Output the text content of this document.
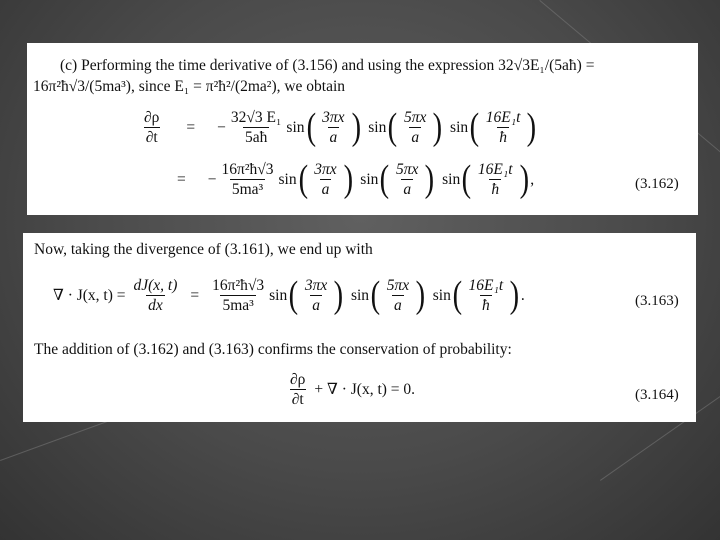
(c) Performing the time derivative of (3.156) and using the expression 32√3E₁/(5aħ) =
16π²ħ√3/(5ma³), since E₁ = π²ħ²/(2ma²), we obtain
$\frac{\partial\rho}{\partial t}$ = − $\frac{\text{32√3 E₁}}{5aħ}$ sin ( $\frac{3\pi x}{a}$ ) sin ( $\frac{5\pi x}{a}$ ) sin ( $\frac{\text{16E₁t}}{ħ}$ )
= − $\frac{\text{16π²ħ√3}}{\text{5ma³}}$ sin ( $\frac{3\pi x}{a}$ ) sin ( $\frac{5\pi x}{a}$ ) sin ( $\frac{\text{16E₁t}}{ħ}$ ) ,	(3.162)
Now, taking the divergence of (3.161), we end up with
∇ · J(x, $t) = \frac{dJ(x, t)}{dx} = \frac{\text{16π²ħ√3}}{\text{5ma³}}$ sin ( $\frac{3\pi x}{a}$ ) sin ( $\frac{5\pi x}{a}$ ) sin ( $\frac{\text{16E₁t}}{ħ}$ ) .	(3.163)
The addition of (3.162) and (3.163) confirms the conservation of probability:
$\frac{\partial\rho}{\partial t}$ + ∇ · J(x, t) = 0.	(3.164)
